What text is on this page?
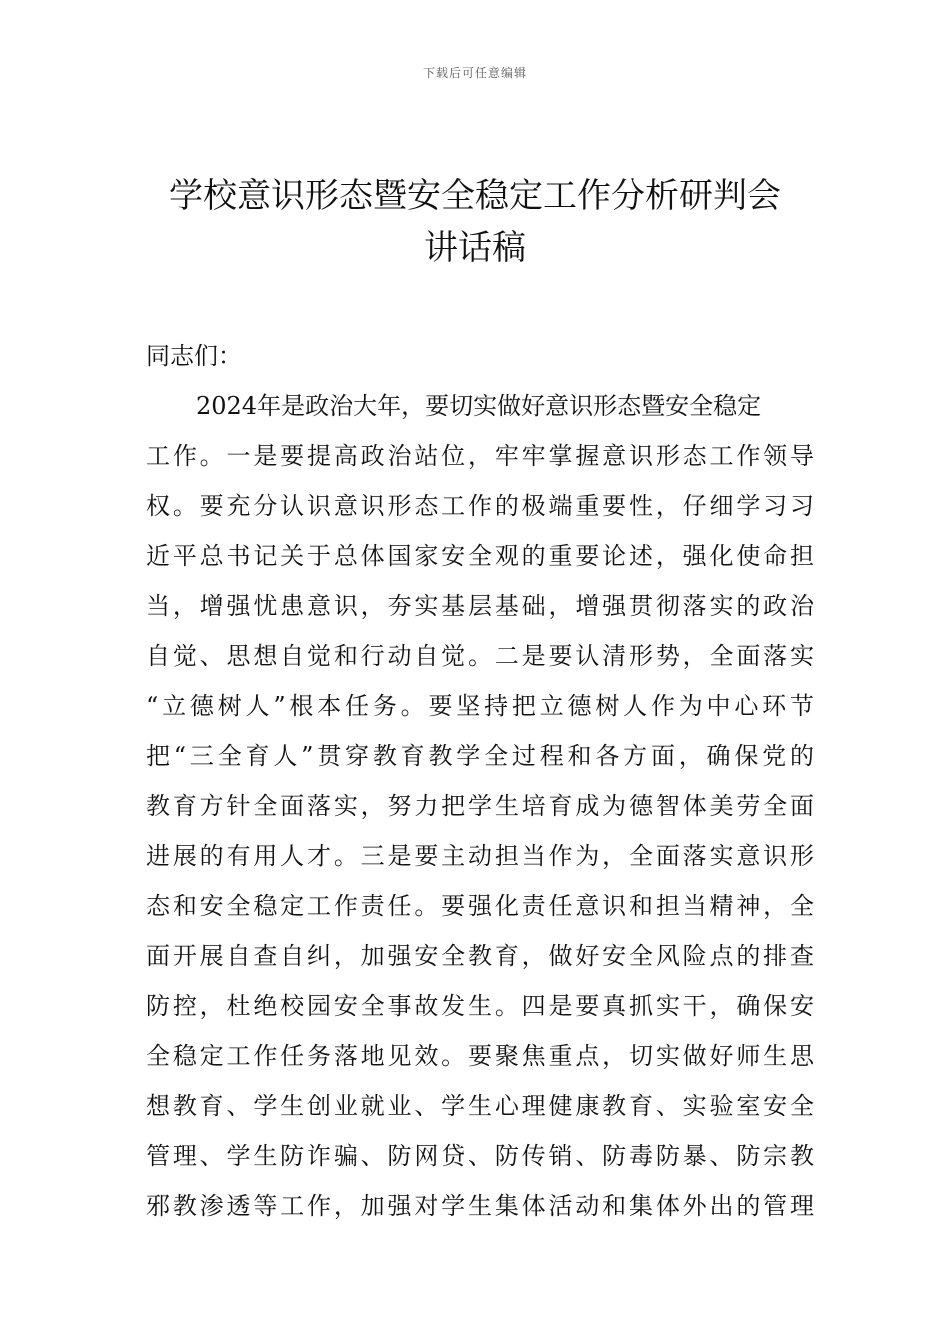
下载后可任意编辑
学校意识形态暨安全稳定工作分析研判会
讲话稿
同志们：
2024年是政治大年，要切实做好意识形态暨安全稳定
工作。一是要提高政治站位，牢牢掌握意识形态工作领导
权。要充分认识意识形态工作的极端重要性，仔细学习习
近平总书记关于总体国家安全观的重要论述，强化使命担
当，增强忧患意识，夯实基层基础，增强贯彻落实的政治
自觉、思想自觉和行动自觉。二是要认清形势，全面落实
“立德树人”根本任务。要坚持把立德树人作为中心环节
把“三全育人”贯穿教育教学全过程和各方面，确保党的
教育方针全面落实，努力把学生培育成为德智体美劳全面
进展的有用人才。三是要主动担当作为，全面落实意识形
态和安全稳定工作责任。要强化责任意识和担当精神，全
面开展自查自纠，加强安全教育，做好安全风险点的排查
防控，杜绝校园安全事故发生。四是要真抓实干，确保安
全稳定工作任务落地见效。要聚焦重点，切实做好师生思
想教育、学生创业就业、学生心理健康教育、实验室安全
管理、学生防诈骗、防网贷、防传销、防毒防暴、防宗教
邪教渗透等工作，加强对学生集体活动和集体外出的管理
